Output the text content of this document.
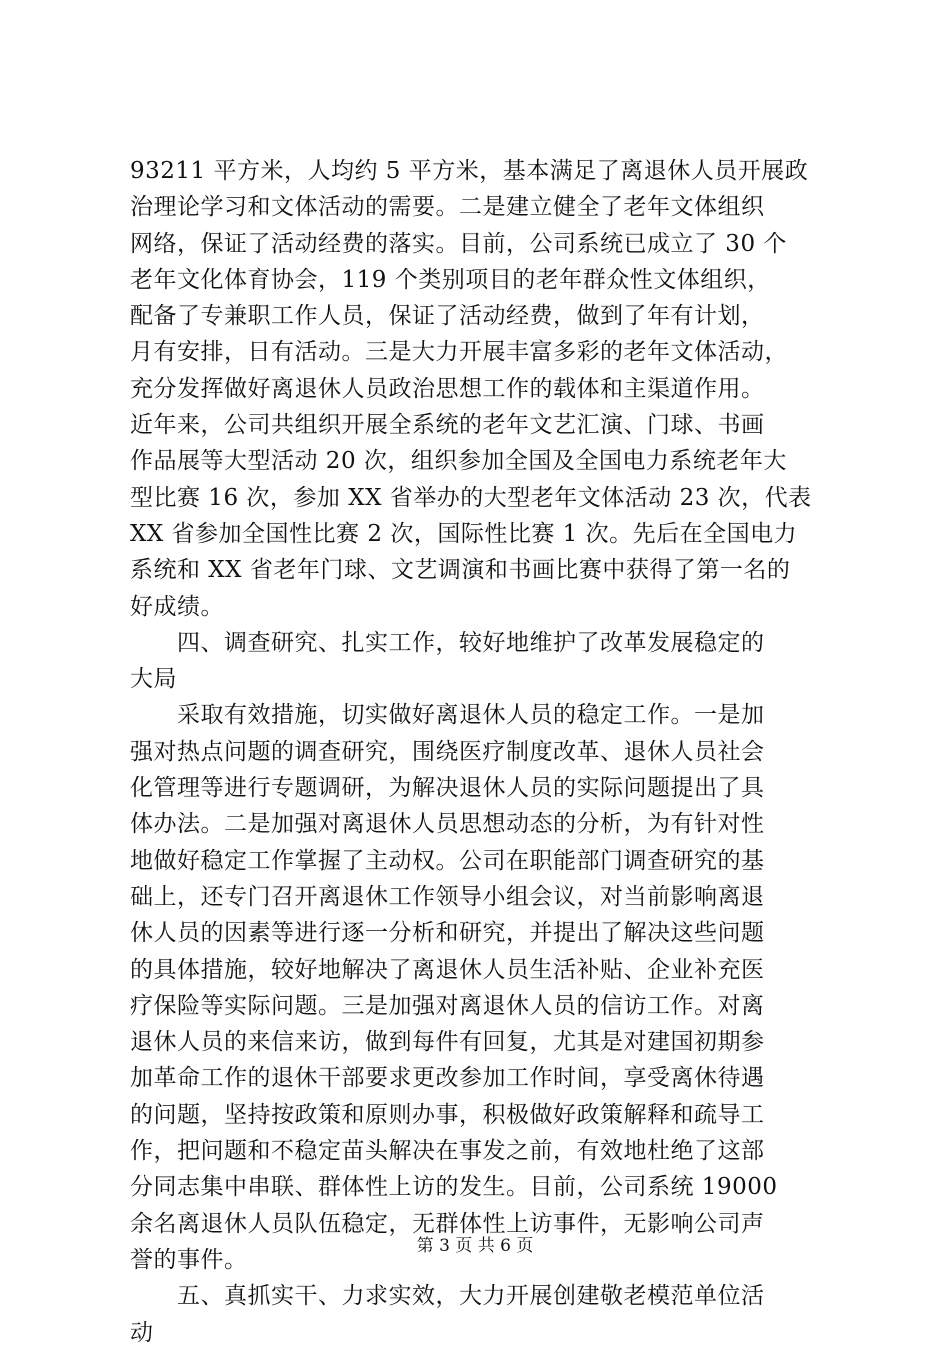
93211 平方米，人均约 5 平方米，基本满足了离退休人员开展政
治理论学习和文体活动的需要。二是建立健全了老年文体组织
网络，保证了活动经费的落实。目前，公司系统已成立了 30 个
老年文化体育协会，119 个类别项目的老年群众性文体组织，
配备了专兼职工作人员，保证了活动经费，做到了年有计划，
月有安排，日有活动。三是大力开展丰富多彩的老年文体活动，
充分发挥做好离退休人员政治思想工作的载体和主渠道作用。
近年来，公司共组织开展全系统的老年文艺汇演、门球、书画
作品展等大型活动 20 次，组织参加全国及全国电力系统老年大
型比赛 16 次，参加 XX 省举办的大型老年文体活动 23 次，代表
XX 省参加全国性比赛 2 次，国际性比赛 1 次。先后在全国电力
系统和 XX 省老年门球、文艺调演和书画比赛中获得了第一名的
好成绩。
　　四、调查研究、扎实工作，较好地维护了改革发展稳定的
大局
　　采取有效措施，切实做好离退休人员的稳定工作。一是加
强对热点问题的调查研究，围绕医疗制度改革、退休人员社会
化管理等进行专题调研，为解决退休人员的实际问题提出了具
体办法。二是加强对离退休人员思想动态的分析，为有针对性
地做好稳定工作掌握了主动权。公司在职能部门调查研究的基
础上，还专门召开离退休工作领导小组会议，对当前影响离退
休人员的因素等进行逐一分析和研究，并提出了解决这些问题
的具体措施，较好地解决了离退休人员生活补贴、企业补充医
疗保险等实际问题。三是加强对离退休人员的信访工作。对离
退休人员的来信来访，做到每件有回复，尤其是对建国初期参
加革命工作的退休干部要求更改参加工作时间，享受离休待遇
的问题，坚持按政策和原则办事，积极做好政策解释和疏导工
作，把问题和不稳定苗头解决在事发之前，有效地杜绝了这部
分同志集中串联、群体性上访的发生。目前，公司系统 19000
余名离退休人员队伍稳定，无群体性上访事件，无影响公司声
誉的事件。
　　五、真抓实干、力求实效，大力开展创建敬老模范单位活
动
第 3 页 共 6 页
